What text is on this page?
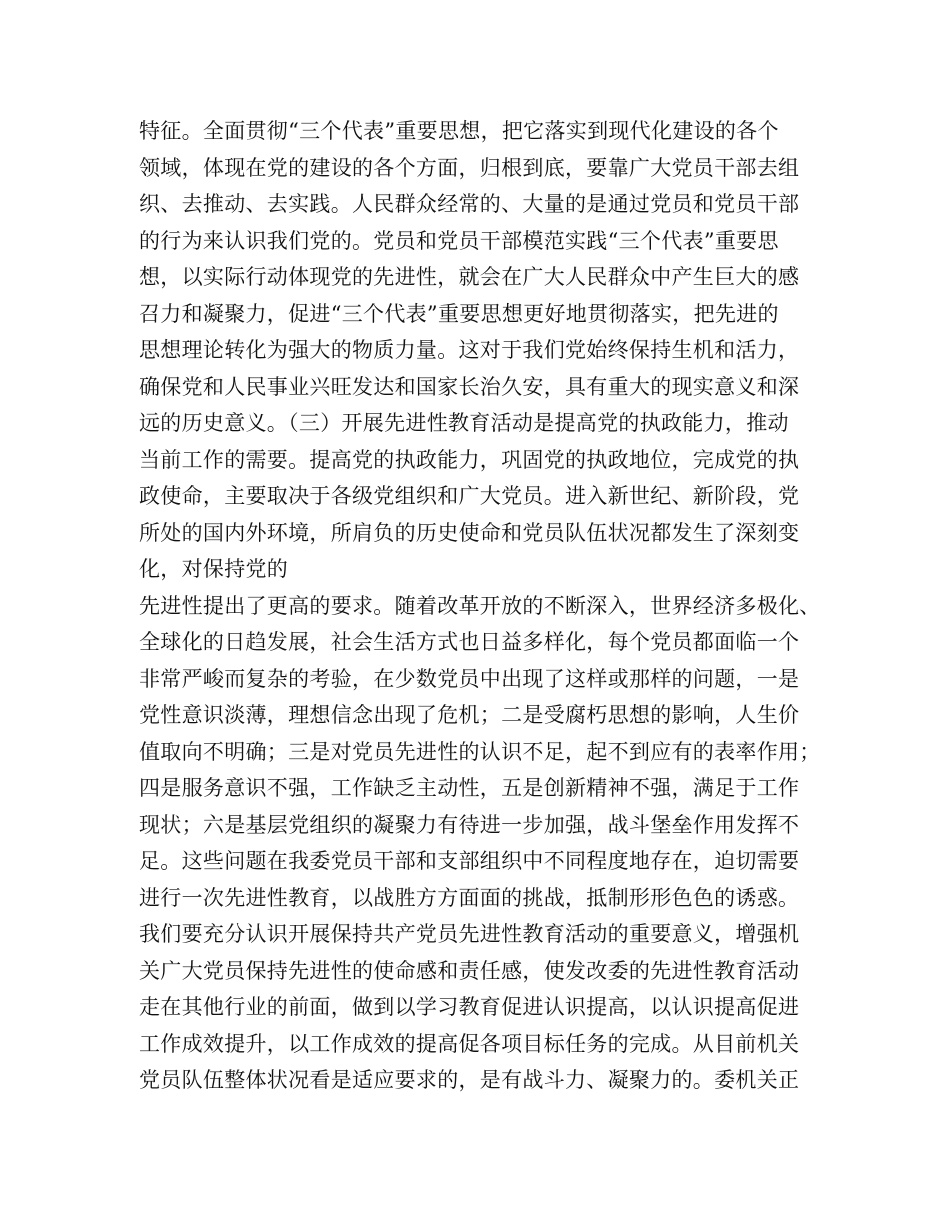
特征。全面贯彻“三个代表”重要思想，把它落实到现代化建设的各个
领域，体现在党的建设的各个方面，归根到底，要靠广大党员干部去组
织、去推动、去实践。人民群众经常的、大量的是通过党员和党员干部
的行为来认识我们党的。党员和党员干部模范实践“三个代表”重要思
想，以实际行动体现党的先进性，就会在广大人民群众中产生巨大的感
召力和凝聚力，促进“三个代表”重要思想更好地贯彻落实，把先进的
思想理论转化为强大的物质力量。这对于我们党始终保持生机和活力，
确保党和人民事业兴旺发达和国家长治久安，具有重大的现实意义和深
远的历史意义。（三）开展先进性教育活动是提高党的执政能力，推动
当前工作的需要。提高党的执政能力，巩固党的执政地位，完成党的执
政使命，主要取决于各级党组织和广大党员。进入新世纪、新阶段，党
所处的国内外环境，所肩负的历史使命和党员队伍状况都发生了深刻变
化，对保持党的
先进性提出了更高的要求。随着改革开放的不断深入，世界经济多极化、
全球化的日趋发展，社会生活方式也日益多样化，每个党员都面临一个
非常严峻而复杂的考验，在少数党员中出现了这样或那样的问题，一是
党性意识淡薄，理想信念出现了危机；二是受腐朽思想的影响，人生价
值取向不明确；三是对党员先进性的认识不足，起不到应有的表率作用；
四是服务意识不强，工作缺乏主动性，五是创新精神不强，满足于工作
现状；六是基层党组织的凝聚力有待进一步加强，战斗堡垒作用发挥不
足。这些问题在我委党员干部和支部组织中不同程度地存在，迫切需要
进行一次先进性教育，以战胜方方面面的挑战，抵制形形色色的诱惑。
我们要充分认识开展保持共产党员先进性教育活动的重要意义，增强机
关广大党员保持先进性的使命感和责任感，使发改委的先进性教育活动
走在其他行业的前面，做到以学习教育促进认识提高，以认识提高促进
工作成效提升，以工作成效的提高促各项目标任务的完成。从目前机关
党员队伍整体状况看是适应要求的，是有战斗力、凝聚力的。委机关正
